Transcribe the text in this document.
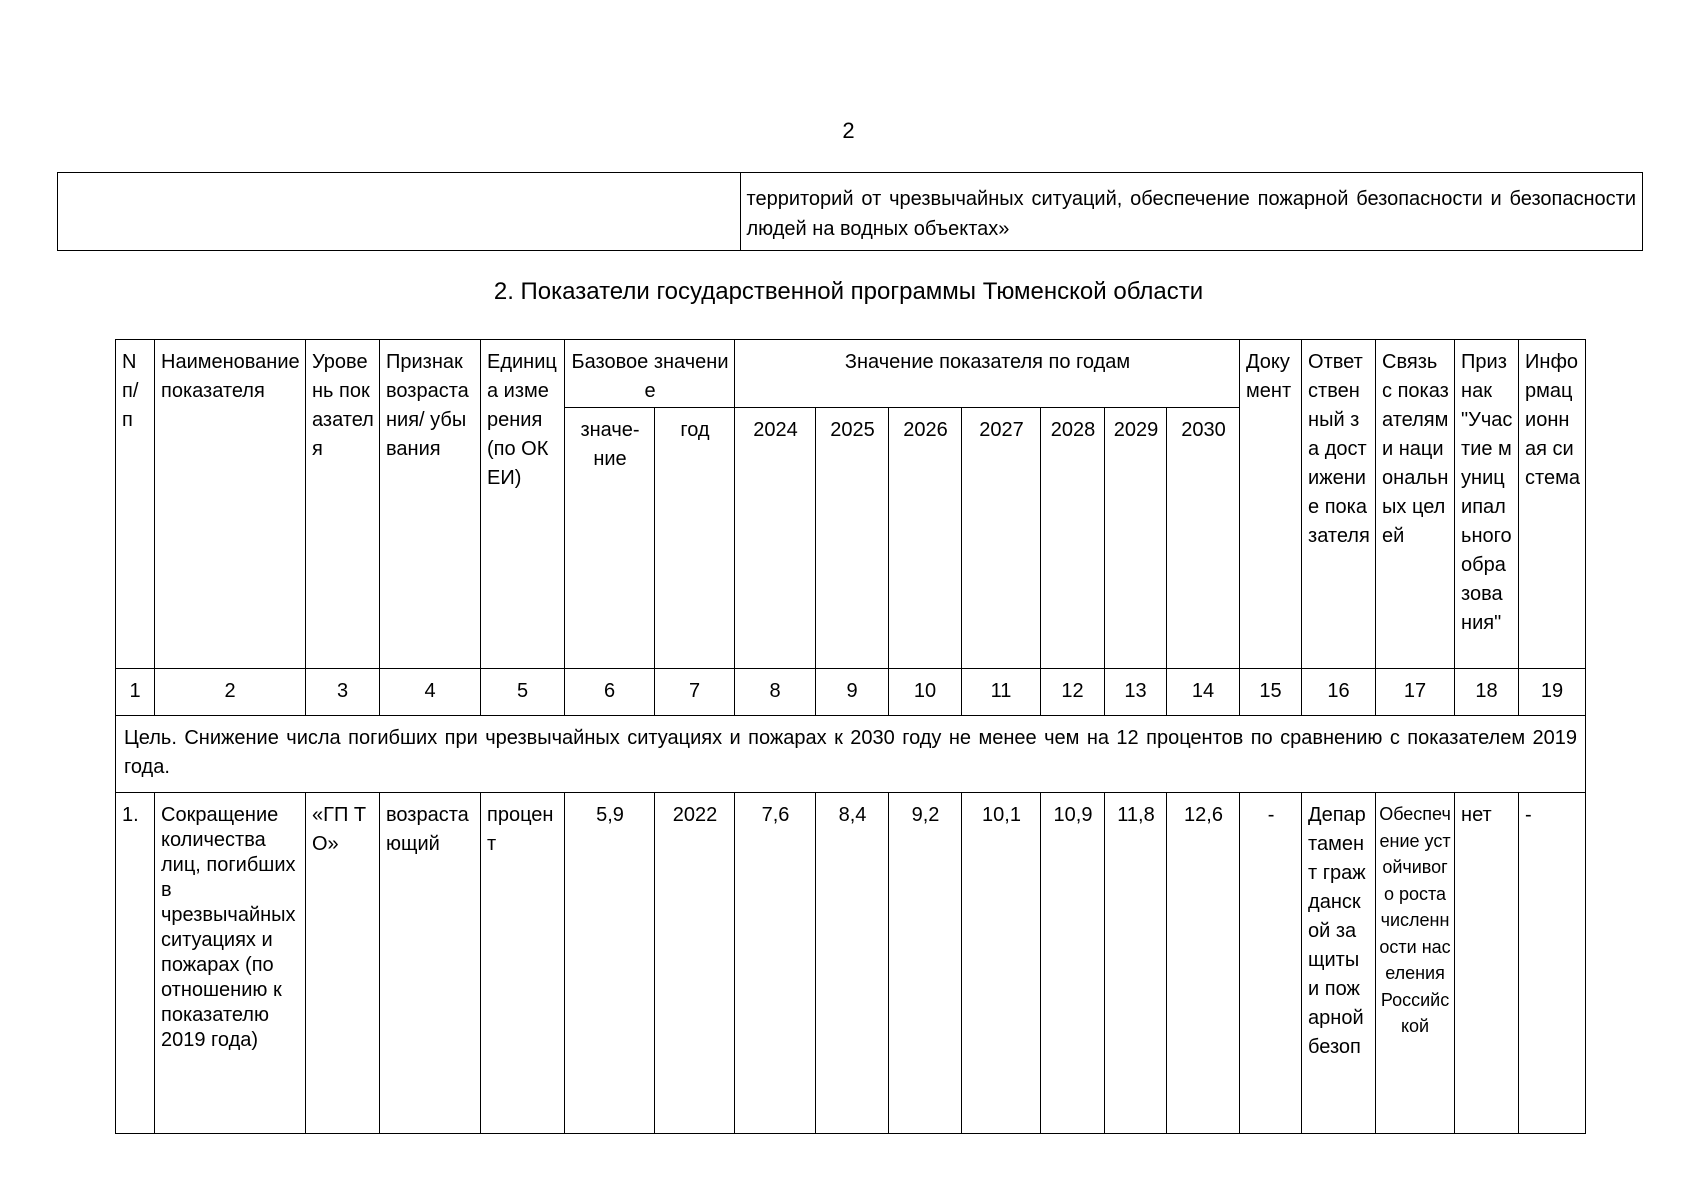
2
	территорий от чрезвычайных ситуаций, обеспечение пожарной безопасности и безопасности людей на водных объектах»
2. Показатели государственной программы Тюменской области
N п/п	Наименование показателя	Уровень показателя	Признак возрастания/ убывания	Единица измерения (по ОКЕИ)	Базовое значение		Значение показателя по годам							Документ	Ответственный за достижение показателя	Связь с показателями национальных целей	Признак "Участие муниципального образования"	Информационная система
					значе- ние	год	2024	2025	2026	2027	2028	2029	2030					
1	2	3	4	5	6	7	8	9	10	11	12	13	14	15	16	17	18	19
Цель. Снижение числа погибших при чрезвычайных ситуациях и пожарах к 2030 году не менее чем на 12 процентов по сравнению с показателем 2019 года.																		
1.	Сокращение количества лиц, погибших в чрезвычайных ситуациях и пожарах (по отношению к показателю 2019 года)	«ГП ТО»	возрастающий	процент	5,9	2022	7,6	8,4	9,2	10,1	10,9	11,8	12,6	-	Департамент гражданской защиты и пожарной безоп	Обеспечение устойчивого роста численности населения Российской	нет	-
